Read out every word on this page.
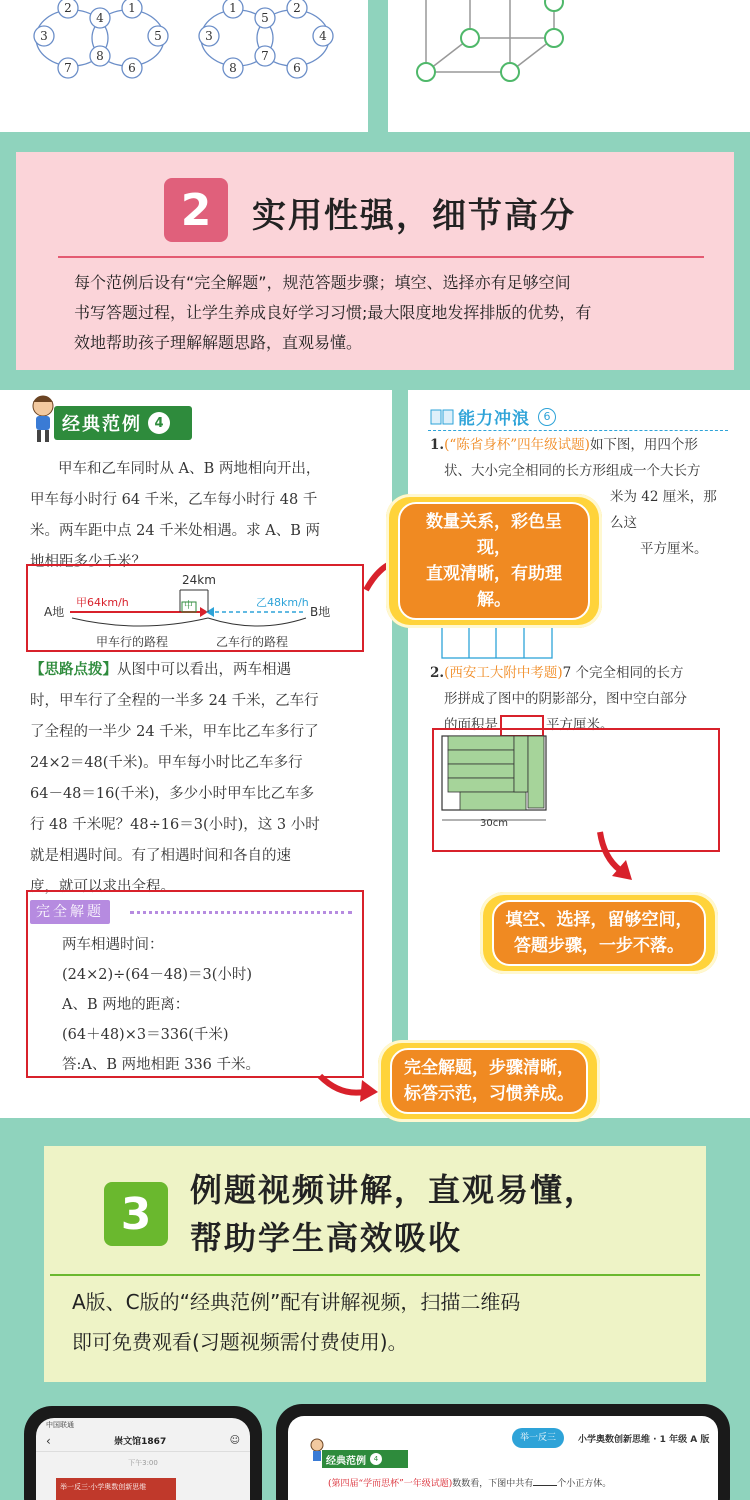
2
4
1
3	5
7
8
6
1
5
2
3	4
8
7
6
2	实用性强，细节高分
每个范例后设有“完全解题”，规范答题步骤；填空、选择亦有足够空间
书写答题过程，让学生养成良好学习习惯;最大限度地发挥排版的优势，有
效地帮助孩子理解解题思路，直观易懂。
经典范例 4
甲车和乙车同时从 A、B 两地相向开出，
甲车每小时行 64 千米，乙车每小时行 48 千
米。两车距中点 24 千米处相遇。求 A、B 两
地相距多少千米？
24km
甲64km/h	乙48km/h
A地	B地
中
甲车行的路程	乙车行的路程
【思路点拨】从图中可以看出，两车相遇
时，甲车行了全程的一半多 24 千米，乙车行
了全程的一半少 24 千米，甲车比乙车多行了
24×2＝48(千米)。甲车每小时比乙车多行
64－48＝16(千米)，多少小时甲车比乙车多
行 48 千米呢？48÷16＝3(小时)，这 3 小时
就是相遇时间。有了相遇时间和各自的速
度，就可以求出全程。
完全解题
两车相遇时间：
(24×2)÷(64－48)＝3(小时)
A、B 两地的距离：
(64＋48)×3＝336(千米)
答:A、B 两地相距 336 千米。
能力冲浪	6
1.(“陈省身杯”四年级试题)如下图，用四个形
状、大小完全相同的长方形组成一个大长方
米为 42 厘米，那么这
平方厘米。
2.(西安工大附中考题)7 个完全相同的长方
形拼成了图中的阴影部分，图中空白部分
的面积是	平方厘米。
30cm
数量关系，彩色呈现，
直观清晰，有助理解。
填空、选择，留够空间，
答题步骤，一步不落。
完全解题，步骤清晰，
标答示范，习惯养成。
3	例题视频讲解，直观易懂，
帮助学生高效吸收
A版、C版的“经典范例”配有讲解视频，扫描二维码
即可免费观看(习题视频需付费使用)。
中国联通
‹	崇文馆1867	☺
下午3:00
举一反三·小学奥数创新思维
举一反三	小学奥数创新思维 · 1 年级 A 版
经典范例	4
(第四届“学而思杯”一年级试题)数数看，下图中共有	个小正方体。
